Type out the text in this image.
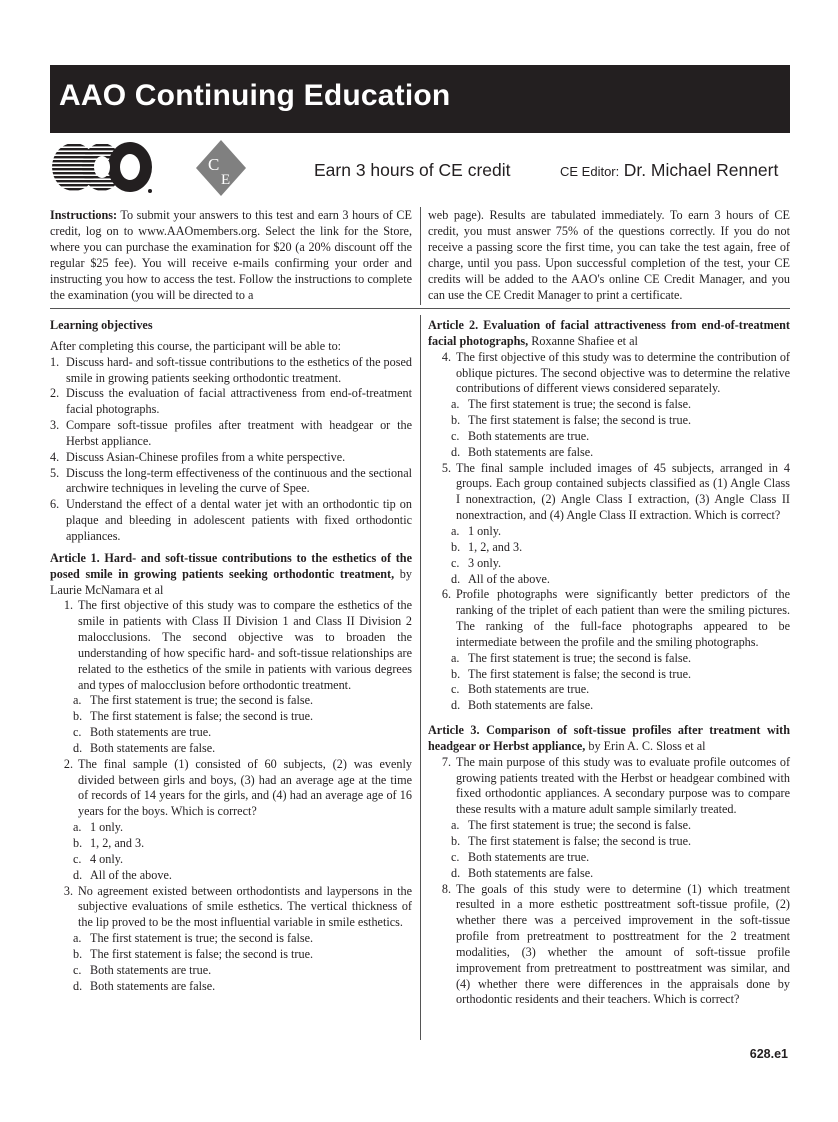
AAO Continuing Education
C
E	Earn 3 hours of CE credit	CE Editor: Dr. Michael Rennert
Instructions: To submit your answers to this test and earn 3 hours of CE credit, log on to www.AAOmembers.org. Select the link for the Store, where you can purchase the examination for $20 (a 20% discount off the regular $25 fee). You will receive e-mails confirming your order and instructing you how to access the test. Follow the instructions to complete the examination (you will be directed to a
web page). Results are tabulated immediately. To earn 3 hours of CE credit, you must answer 75% of the questions correctly. If you do not receive a passing score the first time, you can take the test again, free of charge, until you pass. Upon successful completion of the test, your CE credits will be added to the AAO's online CE Credit Manager, and you can use the CE Credit Manager to print a certificate.

Learning objectives

After completing this course, the participant will be able to:

1. Discuss hard- and soft-tissue contributions to the esthetics of the posed smile in growing patients seeking orthodontic treatment.
2. Discuss the evaluation of facial attractiveness from end-of-treatment facial photographs.
3. Compare soft-tissue profiles after treatment with headgear or the Herbst appliance.
4. Discuss Asian-Chinese profiles from a white perspective.
5. Discuss the long-term effectiveness of the continuous and the sectional archwire techniques in leveling the curve of Spee.
6. Understand the effect of a dental water jet with an orthodontic tip on plaque and bleeding in adolescent patients with fixed orthodontic appliances.

Article 1. Hard- and soft-tissue contributions to the esthetics of the posed smile in growing patients seeking orthodontic treatment, by Laurie McNamara et al

1. The first objective of this study was to compare the esthetics of the smile in patients with Class II Division 1 and Class II Division 2 malocclusions. The second objective was to broaden the understanding of how specific hard- and soft-tissue relationships are related to the esthetics of the smile in patients with various degrees and types of malocclusion before orthodontic treatment.
a. The first statement is true; the second is false.
b. The first statement is false; the second is true.
c. Both statements are true.
d. Both statements are false.
2. The final sample (1) consisted of 60 subjects, (2) was evenly divided between girls and boys, (3) had an average age at the time of records of 14 years for the girls, and (4) had an average age of 16 years for the boys. Which is correct?
a. 1 only.
b. 1, 2, and 3.
c. 4 only.
d. All of the above.
3. No agreement existed between orthodontists and laypersons in the subjective evaluations of smile esthetics. The vertical thickness of the lip proved to be the most influential variable in smile esthetics.
a. The first statement is true; the second is false.
b. The first statement is false; the second is true.
c. Both statements are true.
d. Both statements are false.

Article 2. Evaluation of facial attractiveness from end-of-treatment facial photographs, Roxanne Shafiee et al

4. The first objective of this study was to determine the contribution of oblique pictures. The second objective was to determine the relative contributions of different views considered separately.
a. The first statement is true; the second is false.
b. The first statement is false; the second is true.
c. Both statements are true.
d. Both statements are false.
5. The final sample included images of 45 subjects, arranged in 4 groups. Each group contained subjects classified as (1) Angle Class I nonextraction, (2) Angle Class I extraction, (3) Angle Class II nonextraction, and (4) Angle Class II extraction. Which is correct?
a. 1 only.
b. 1, 2, and 3.
c. 3 only.
d. All of the above.
6. Profile photographs were significantly better predictors of the ranking of the triplet of each patient than were the smiling pictures. The ranking of the full-face photographs appeared to be intermediate between the profile and the smiling photographs.
a. The first statement is true; the second is false.
b. The first statement is false; the second is true.
c. Both statements are true.
d. Both statements are false.

Article 3. Comparison of soft-tissue profiles after treatment with headgear or Herbst appliance, by Erin A. C. Sloss et al

7. The main purpose of this study was to evaluate profile outcomes of growing patients treated with the Herbst or headgear combined with fixed orthodontic appliances. A secondary purpose was to compare these results with a mature adult sample similarly treated.
a. The first statement is true; the second is false.
b. The first statement is false; the second is true.
c. Both statements are true.
d. Both statements are false.
8. The goals of this study were to determine (1) which treatment resulted in a more esthetic posttreatment soft-tissue profile, (2) whether there was a perceived improvement in the soft-tissue profile from pretreatment to posttreatment for the 2 treatment modalities, (3) whether the amount of soft-tissue profile improvement from pretreatment to posttreatment was similar, and (4) whether there were differences in the appraisals done by orthodontic residents and their teachers. Which is correct?
628.e1
